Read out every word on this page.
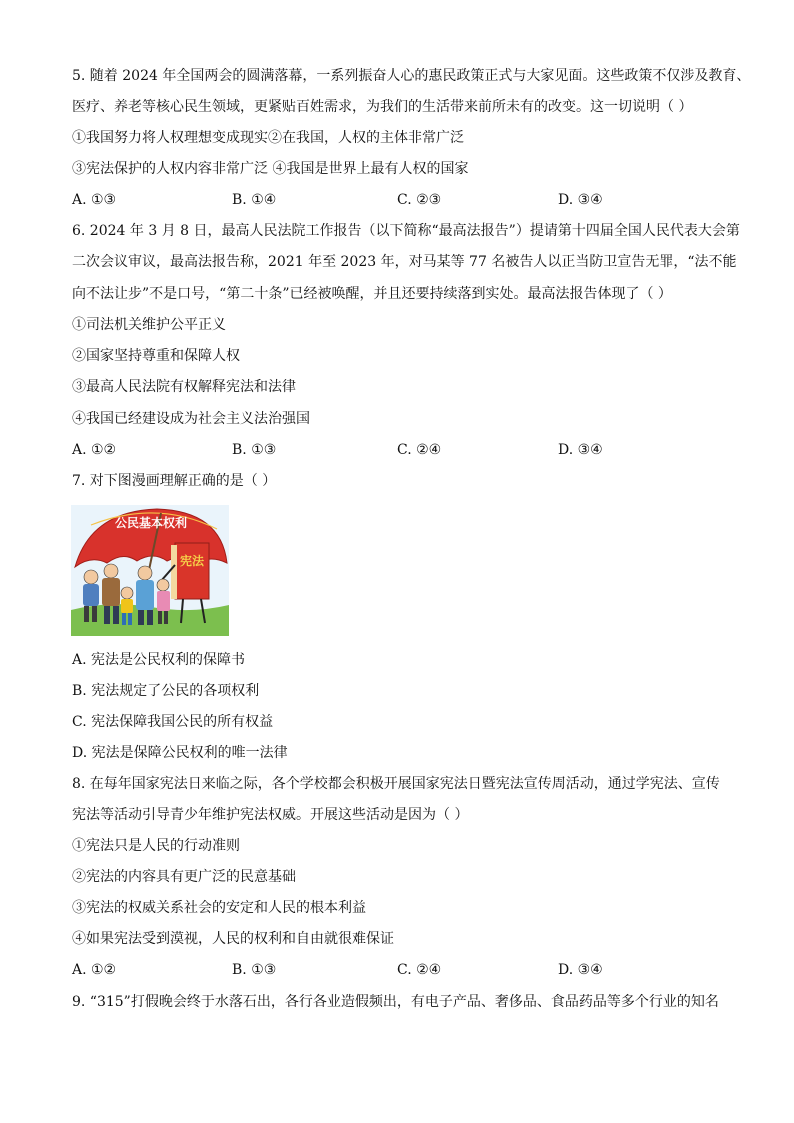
5. 随着 2024 年全国两会的圆满落幕，一系列振奋人心的惠民政策正式与大家见面。这些政策不仅涉及教育、
医疗、养老等核心民生领域，更紧贴百姓需求，为我们的生活带来前所未有的改变。这一切说明（ ）
①我国努力将人权理想变成现实②在我国，人权的主体非常广泛
③宪法保护的人权内容非常广泛 ④我国是世界上最有人权的国家
A. ①③	B. ①④	C. ②③	D. ③④
6. 2024 年 3 月 8 日，最高人民法院工作报告（以下简称“最高法报告”）提请第十四届全国人民代表大会第
二次会议审议，最高法报告称，2021 年至 2023 年，对马某等 77 名被告人以正当防卫宣告无罪，“法不能
向不法让步”不是口号，“第二十条”已经被唤醒，并且还要持续落到实处。最高法报告体现了（ ）
①司法机关维护公平正义
②国家坚持尊重和保障人权
③最高人民法院有权解释宪法和法律
④我国已经建设成为社会主义法治强国
A. ①②	B. ①③	C. ②④	D. ③④
7. 对下图漫画理解正确的是（ ）
公民基本权利
宪法
A. 宪法是公民权利的保障书
B. 宪法规定了公民的各项权利
C. 宪法保障我国公民的所有权益
D. 宪法是保障公民权利的唯一法律
8. 在每年国家宪法日来临之际，各个学校都会积极开展国家宪法日暨宪法宣传周活动，通过学宪法、宣传
宪法等活动引导青少年维护宪法权威。开展这些活动是因为（ ）
①宪法只是人民的行动准则
②宪法的内容具有更广泛的民意基础
③宪法的权威关系社会的安定和人民的根本利益
④如果宪法受到漠视，人民的权利和自由就很难保证
A. ①②	B. ①③	C. ②④	D. ③④
9. “315”打假晚会终于水落石出，各行各业造假频出，有电子产品、奢侈品、食品药品等多个行业的知名
